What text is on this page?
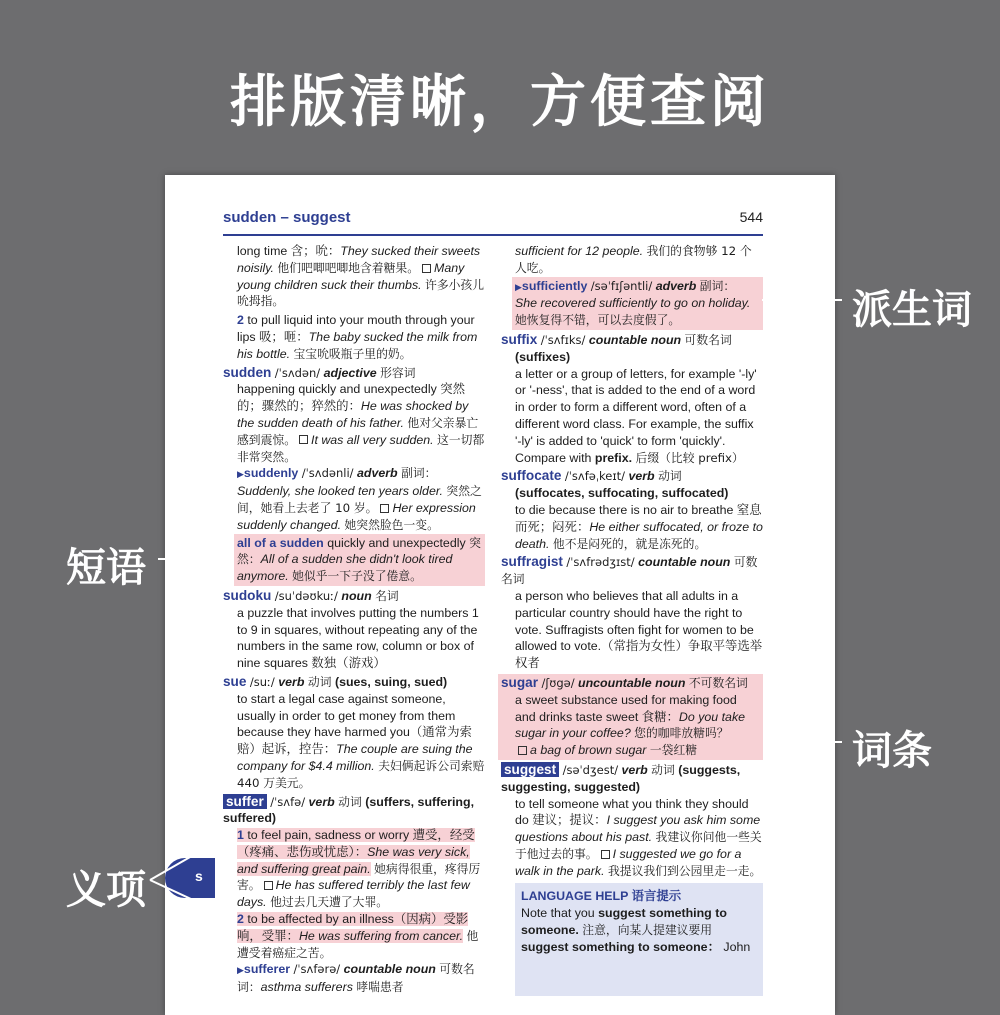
排版清晰，方便查阅
sudden – suggest	544
long time 含；吮：They sucked their sweets noisily. 他们吧唧吧唧地含着糖果。 Many young children suck their thumbs. 许多小孩儿吮拇指。
2 to pull liquid into your mouth through your lips 吸；咂：The baby sucked the milk from his bottle. 宝宝吮吸瓶子里的奶。
sudden /ˈsʌdən/ adjective 形容词
happening quickly and unexpectedly 突然的；骤然的；猝然的：He was shocked by the sudden death of his father. 他对父亲暴亡感到震惊。 It was all very sudden. 这一切都非常突然。
▶suddenly /ˈsʌdənli/ adverb 副词： Suddenly, she looked ten years older. 突然之间，她看上去老了 10 岁。 Her expression suddenly changed. 她突然脸色一变。
all of a sudden quickly and unexpectedly 突然：All of a sudden she didn't look tired anymore. 她似乎一下子没了倦意。
sudoku /suˈdəʊkuː/ noun 名词
a puzzle that involves putting the numbers 1 to 9 in squares, without repeating any of the numbers in the same row, column or box of nine squares 数独（游戏）
sue /suː/ verb 动词 (sues, suing, sued)
to start a legal case against someone, usually in order to get money from them because they have harmed you（通常为索赔）起诉，控告：The couple are suing the company for $4.4 million. 夫妇俩起诉公司索赔 440 万美元。
suffer /ˈsʌfə/ verb 动词 (suffers, suffering, suffered)
1 to feel pain, sadness or worry 遭受，经受（疼痛、悲伤或忧虑）：She was very sick, and suffering great pain. 她病得很重，疼得厉害。 He has suffered terribly the last few days. 他过去几天遭了大罪。
2 to be affected by an illness（因病）受影响，受罪：He was suffering from cancer. 他遭受着癌症之苦。
▶sufferer /ˈsʌfərə/ countable noun 可数名词：asthma sufferers 哮喘患者
sufficient for 12 people. 我们的食物够 12 个人吃。
▶sufficiently /səˈfɪʃəntli/ adverb 副词： She recovered sufficiently to go on holiday. 她恢复得不错，可以去度假了。
suffix /ˈsʌfɪks/ countable noun 可数名词
(suffixes)
a letter or a group of letters, for example '-ly' or '-ness', that is added to the end of a word in order to form a different word, often of a different word class. For example, the suffix '-ly' is added to 'quick' to form 'quickly'. Compare with prefix. 后缀（比较 prefix）
suffocate /ˈsʌfəˌkeɪt/ verb 动词
(suffocates, suffocating, suffocated)
to die because there is no air to breathe 窒息而死；闷死：He either suffocated, or froze to death. 他不是闷死的，就是冻死的。
suffragist /ˈsʌfrədʒɪst/ countable noun 可数名词
a person who believes that all adults in a particular country should have the right to vote. Suffragists often fight for women to be allowed to vote.（常指为女性）争取平等选举权者
sugar /ʃʊgə/ uncountable noun 不可数名词
a sweet substance used for making food and drinks taste sweet 食糖：Do you take sugar in your coffee? 您的咖啡放糖吗？
a bag of brown sugar 一袋红糖
suggest /səˈdʒest/ verb 动词 (suggests, suggesting, suggested)
to tell someone what you think they should do 建议；提议：I suggest you ask him some questions about his past. 我建议你问他一些关于他过去的事。 I suggested we go for a walk in the park. 我提议我们到公园里走一走。
LANGUAGE HELP 语言提示
Note that you suggest something to someone. 注意，向某人提建议要用 suggest something to someone： John
s
派生词
短语
词条
义项
